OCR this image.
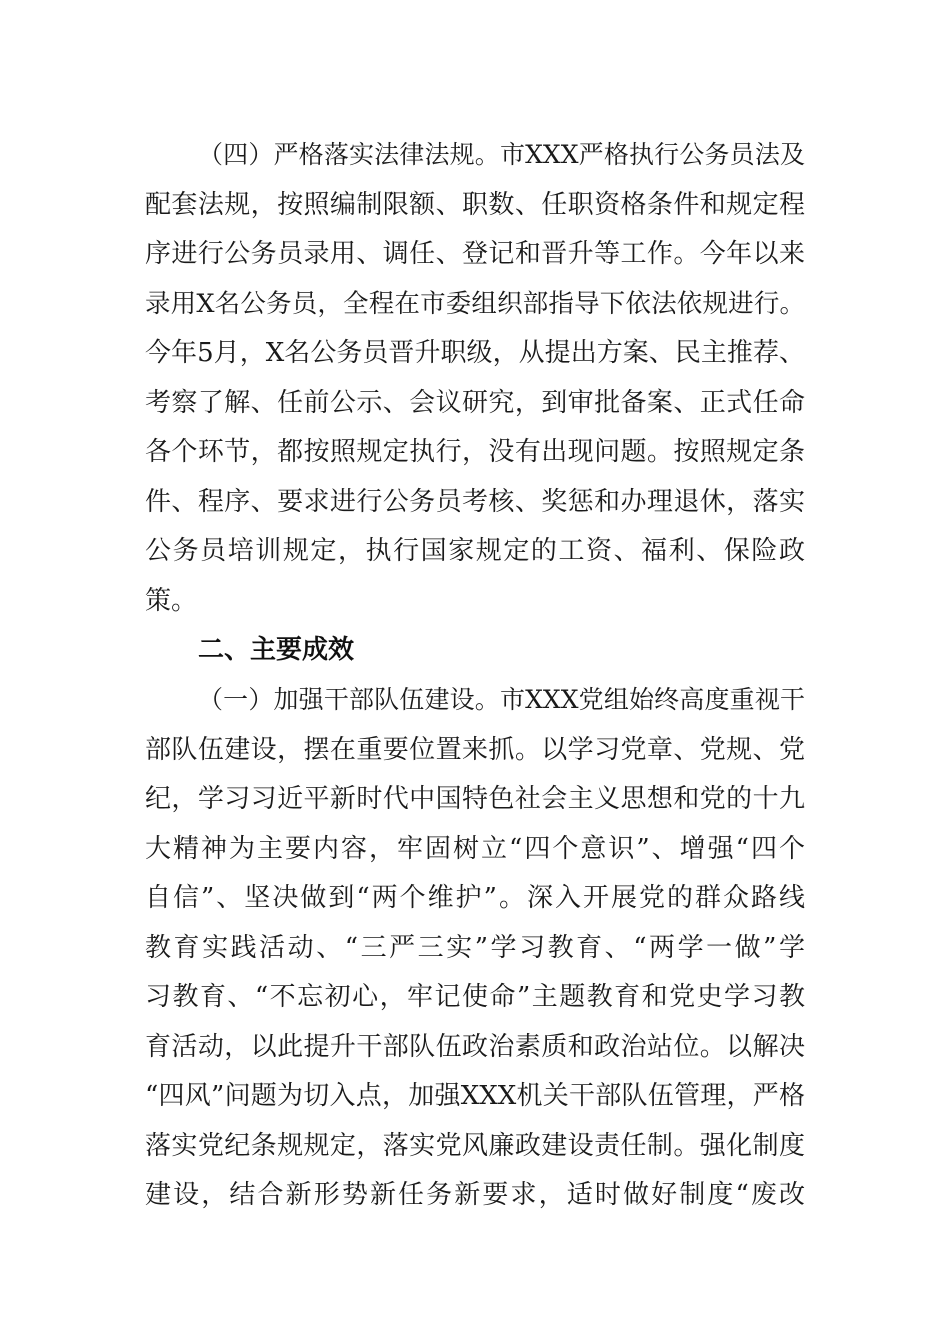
（四）严格落实法律法规。市XXX严格执行公务员法及
配套法规，按照编制限额、职数、任职资格条件和规定程
序进行公务员录用、调任、登记和晋升等工作。今年以来
录用X名公务员，全程在市委组织部指导下依法依规进行。
今年5月，X名公务员晋升职级，从提出方案、民主推荐、
考察了解、任前公示、会议研究，到审批备案、正式任命
各个环节，都按照规定执行，没有出现问题。按照规定条
件、程序、要求进行公务员考核、奖惩和办理退休，落实
公务员培训规定，执行国家规定的工资、福利、保险政
策。
二、主要成效
（一）加强干部队伍建设。市XXX党组始终高度重视干
部队伍建设，摆在重要位置来抓。以学习党章、党规、党
纪，学习习近平新时代中国特色社会主义思想和党的十九
大精神为主要内容，牢固树立“四个意识”、增强“四个
自信”、坚决做到“两个维护”。深入开展党的群众路线
教育实践活动、“三严三实”学习教育、“两学一做”学
习教育、“不忘初心，牢记使命”主题教育和党史学习教
育活动，以此提升干部队伍政治素质和政治站位。以解决
“四风”问题为切入点，加强XXX机关干部队伍管理，严格
落实党纪条规规定，落实党风廉政建设责任制。强化制度
建设，结合新形势新任务新要求，适时做好制度“废改
